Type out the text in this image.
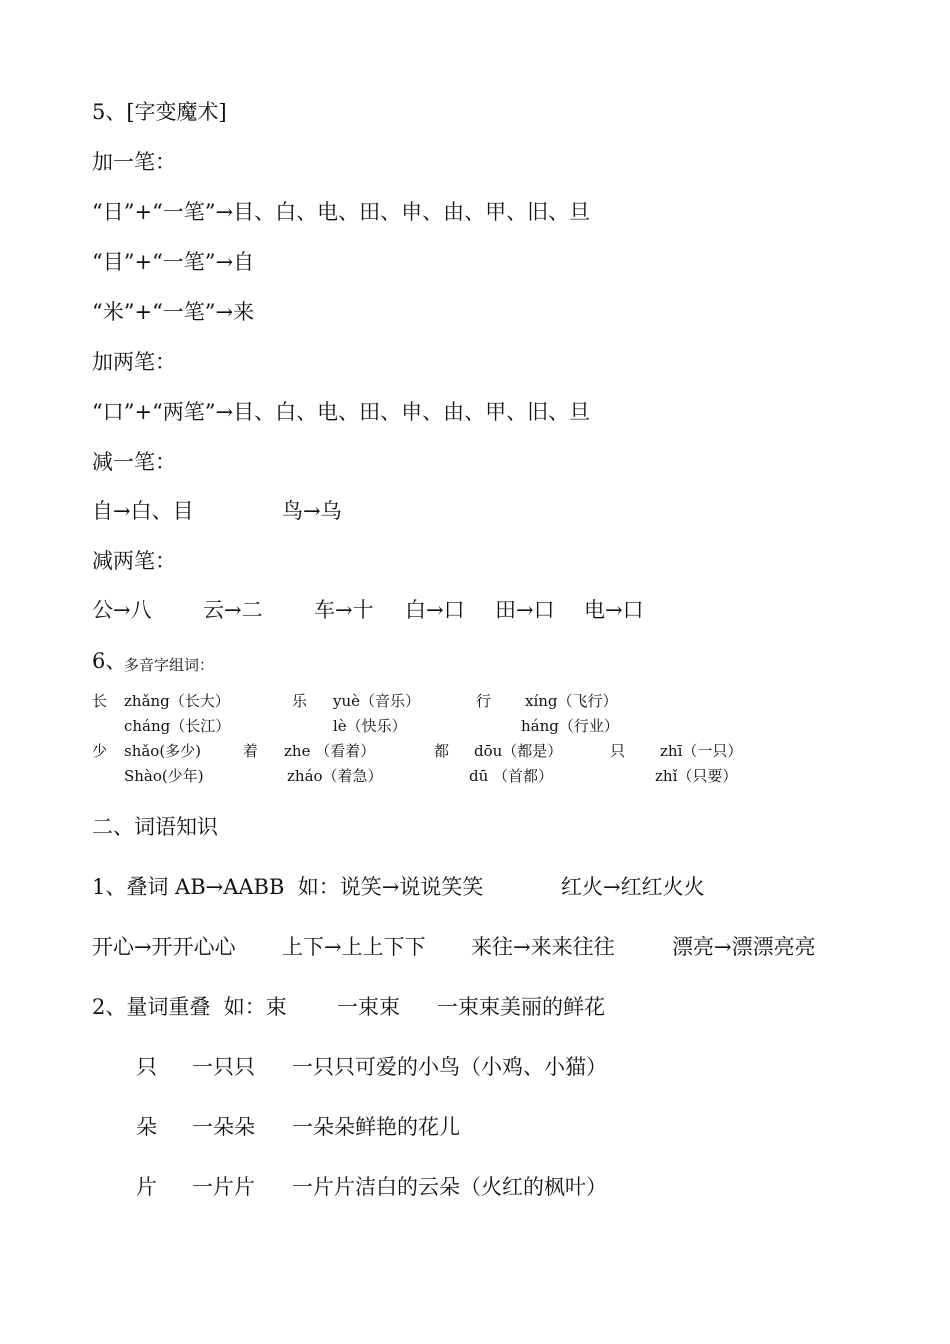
5、[字变魔术]
加一笔：
“日”+“一笔”→目、白、电、田、申、由、甲、旧、旦
“目”+“一笔”→自
“米”+“一笔”→来
加两笔：
“口”+“两笔”→目、白、电、田、申、由、甲、旧、旦
减一笔：
自→白、目	鸟→乌
减两笔：
公→八 云→二 车→十 白→口 田→口 电→口
6、
多音字组词：
长 zhǎng（长大）	乐 yuè（音乐）	行 xíng（飞行）
cháng（长江）	lè（快乐）	háng（行业）
少 shǎo(多少)	着 zhe （看着）	都 dōu（都是）	只 zhī（一只）
Shào(少年)	zháo（着急）	dū （首都）	zhǐ（只要）
二、词语知识
1、叠词 AB→AABB  如：说笑→说说笑笑	红火→红红火火
开心→开开心心 上下→上上下下 来往→来来往往	漂亮→漂漂亮亮
2、量词重叠  如：束 一束束 一束束美丽的鲜花
只 一只只 一只只可爱的小鸟（小鸡、小猫）
朵 一朵朵 一朵朵鲜艳的花儿
片 一片片 一片片洁白的云朵（火红的枫叶）
